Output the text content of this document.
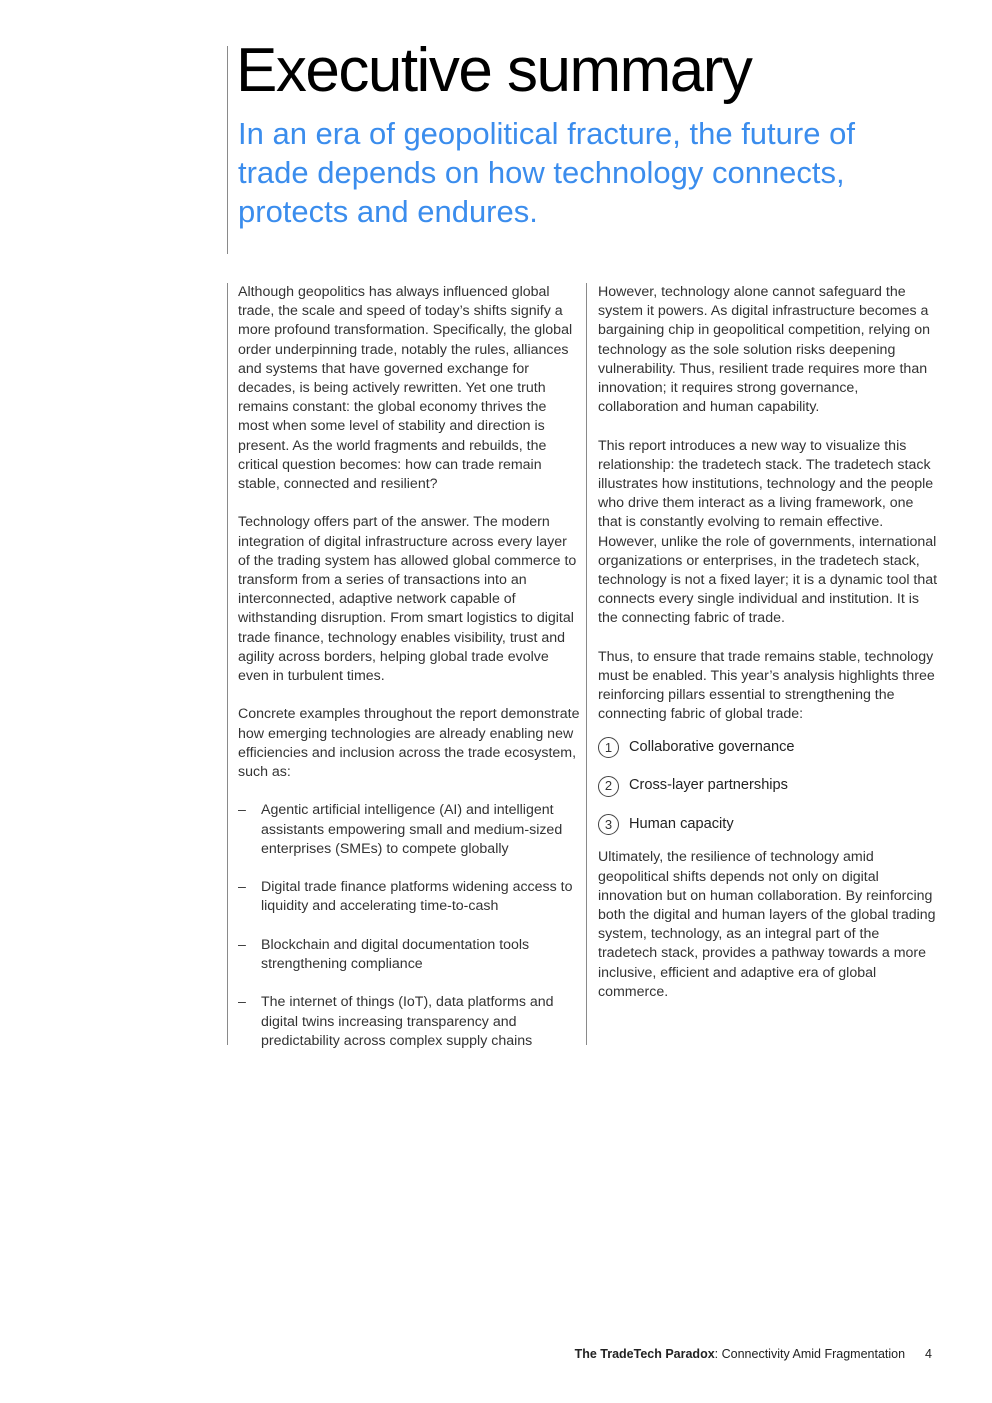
Executive summary

In an era of geopolitical fracture, the future of trade depends on how technology connects, protects and endures.

Although geopolitics has always influenced global trade, the scale and speed of today’s shifts signify a more profound transformation. Specifically, the global order underpinning trade, notably the rules, alliances and systems that have governed exchange for decades, is being actively rewritten. Yet one truth remains constant: the global economy thrives the most when some level of stability and direction is present. As the world fragments and rebuilds, the critical question becomes: how can trade remain stable, connected and resilient?

Technology offers part of the answer. The modern integration of digital infrastructure across every layer of the trading system has allowed global commerce to transform from a series of transactions into an interconnected, adaptive network capable of withstanding disruption. From smart logistics to digital trade finance, technology enables visibility, trust and agility across borders, helping global trade evolve even in turbulent times.

Concrete examples throughout the report demonstrate how emerging technologies are already enabling new efficiencies and inclusion across the trade ecosystem, such as:

– Agentic artificial intelligence (AI) and intelligent assistants empowering small and medium-sized enterprises (SMEs) to compete globally
– Digital trade finance platforms widening access to liquidity and accelerating time-to-cash
– Blockchain and digital documentation tools strengthening compliance
– The internet of things (IoT), data platforms and digital twins increasing transparency and predictability across complex supply chains

However, technology alone cannot safeguard the system it powers. As digital infrastructure becomes a bargaining chip in geopolitical competition, relying on technology as the sole solution risks deepening vulnerability. Thus, resilient trade requires more than innovation; it requires strong governance, collaboration and human capability.

This report introduces a new way to visualize this relationship: the tradetech stack. The tradetech stack illustrates how institutions, technology and the people who drive them interact as a living framework, one that is constantly evolving to remain effective. However, unlike the role of governments, international organizations or enterprises, in the tradetech stack, technology is not a fixed layer; it is a dynamic tool that connects every single individual and institution. It is the connecting fabric of trade.

Thus, to ensure that trade remains stable, technology must be enabled. This year’s analysis highlights three reinforcing pillars essential to strengthening the connecting fabric of global trade:

1	Collaborative governance
2	Cross-layer partnerships
3	Human capacity

Ultimately, the resilience of technology amid geopolitical shifts depends not only on digital innovation but on human collaboration. By reinforcing both the digital and human layers of the global trading system, technology, as an integral part of the tradetech stack, provides a pathway towards a more inclusive, efficient and adaptive era of global commerce.

The TradeTech Paradox: Connectivity Amid Fragmentation 4
